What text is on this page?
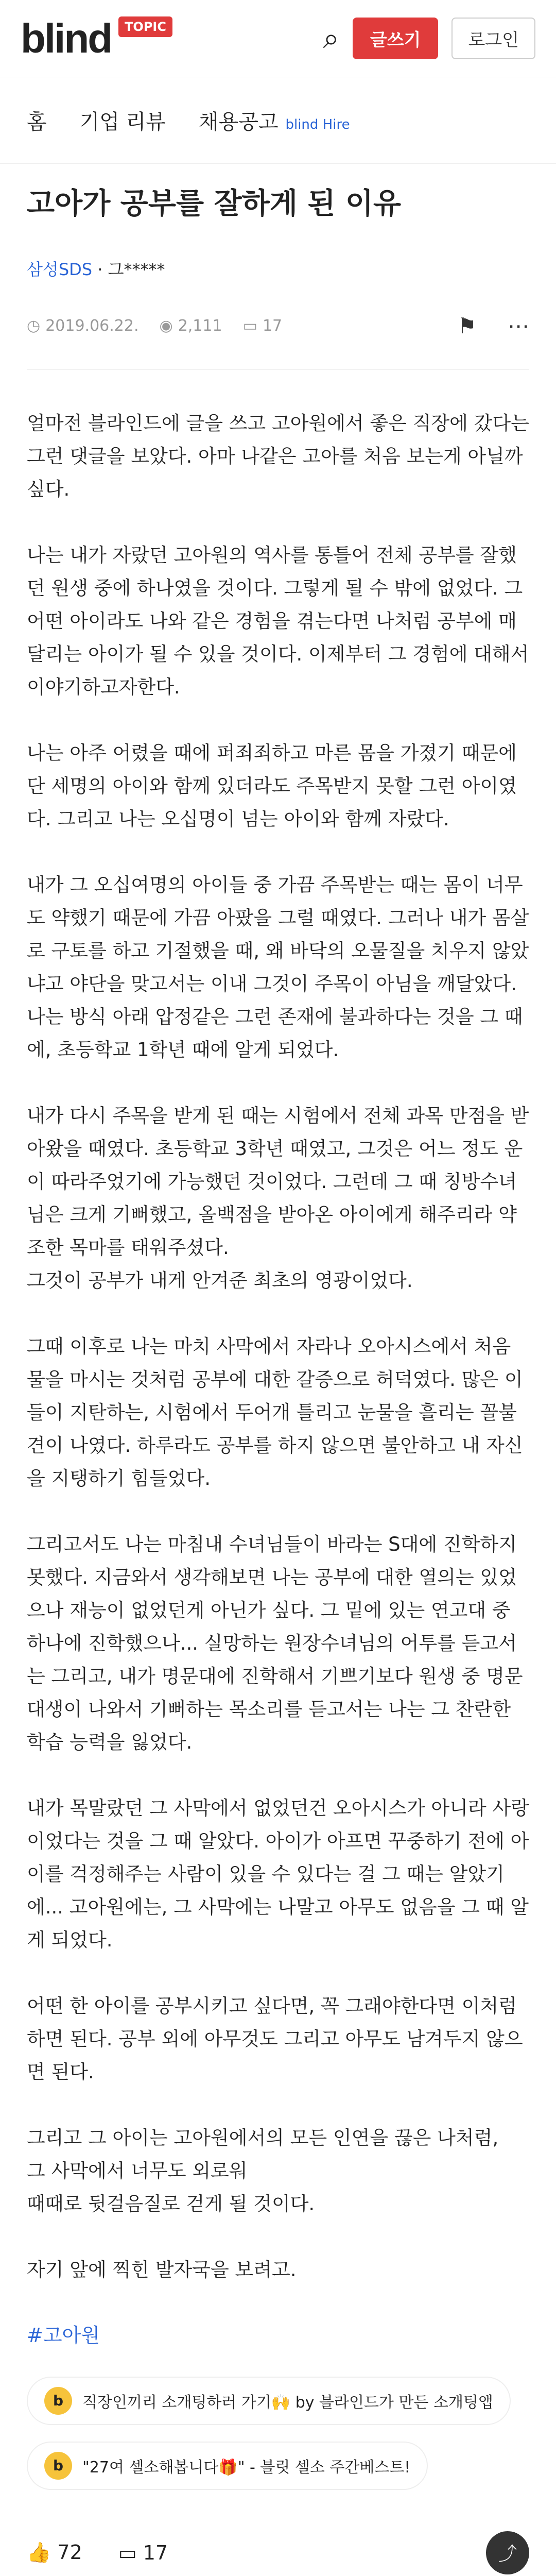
blind	TOPIC	⌕	글쓰기	로그인
홈 기업 리뷰 채용공고 blind Hire
고아가 공부를 잘하게 된 이유
삼성SDS · 그*****
◷ 2019.06.22. ◉ 2,111 ▭ 17	⚑ ⋯

얼마전 블라인드에 글을 쓰고 고아원에서 좋은 직장에 갔다는 그런 댓글을 보았다. 아마 나같은 고아를 처음 보는게 아닐까 싶다.

나는 내가 자랐던 고아원의 역사를 통틀어 전체 공부를 잘했던 원생 중에 하나였을 것이다. 그렇게 될 수 밖에 없었다. 그 어떤 아이라도 나와 같은 경험을 겪는다면 나처럼 공부에 매달리는 아이가 될 수 있을 것이다. 이제부터 그 경험에 대해서 이야기하고자한다.

나는 아주 어렸을 때에 퍼죄죄하고 마른 몸을 가졌기 때문에 단 세명의 아이와 함께 있더라도 주목받지 못할 그런 아이였다. 그리고 나는 오십명이 넘는 아이와 함께 자랐다.

내가 그 오십여명의 아이들 중 가끔 주목받는 때는 몸이 너무도 약했기 때문에 가끔 아팠을 그럴 때였다. 그러나 내가 몸살로 구토를 하고 기절했을 때, 왜 바닥의 오물질을 치우지 않았냐고 야단을 맞고서는 이내 그것이 주목이 아님을 깨달았다. 나는 방식 아래 압정같은 그런 존재에 불과하다는 것을 그 때에, 초등학교 1학년 때에 알게 되었다.

내가 다시 주목을 받게 된 때는 시험에서 전체 과목 만점을 받아왔을 때였다. 초등학교 3학년 때였고, 그것은 어느 정도 운이 따라주었기에 가능했던 것이었다. 그런데 그 때 칭방수녀님은 크게 기뻐했고, 올백점을 받아온 아이에게 해주리라 약조한 목마를 태워주셨다.
그것이 공부가 내게 안겨준 최초의 영광이었다.

그때 이후로 나는 마치 사막에서 자라나 오아시스에서 처음 물을 마시는 것처럼 공부에 대한 갈증으로 허덕였다. 많은 이들이 지탄하는, 시험에서 두어개 틀리고 눈물을 흘리는 꼴불견이 나였다. 하루라도 공부를 하지 않으면 불안하고 내 자신을 지탱하기 힘들었다.

그리고서도 나는 마침내 수녀님들이 바라는 S대에 진학하지 못했다. 지금와서 생각해보면 나는 공부에 대한 열의는 있었으나 재능이 없었던게 아닌가 싶다. 그 밑에 있는 연고대 중 하나에 진학했으나... 실망하는 원장수녀님의 어투를 듣고서는 그리고, 내가 명문대에 진학해서 기쁘기보다 원생 중 명문대생이 나와서 기뻐하는 목소리를 듣고서는 나는 그 찬란한 학습 능력을 잃었다.

내가 목말랐던 그 사막에서 없었던건 오아시스가 아니라 사랑이었다는 것을 그 때 알았다. 아이가 아프면 꾸중하기 전에 아이를 걱정해주는 사람이 있을 수 있다는 걸 그 때는 알았기에... 고아원에는, 그 사막에는 나말고 아무도 없음을 그 때 알게 되었다.

어떤 한 아이를 공부시키고 싶다면, 꼭 그래야한다면 이처럼 하면 된다. 공부 외에 아무것도 그리고 아무도 남겨두지 않으면 된다.

그리고 그 아이는 고아원에서의 모든 인연을 끊은 나처럼,
그 사막에서 너무도 외로워
때때로 뒷걸음질로 걷게 될 것이다.

자기 앞에 찍힌 발자국을 보려고.

#고아원
b	직장인끼리 소개팅하러 가기🙌 by 블라인드가 만든 소개팅앱
b	"27여 셀소해봅니다🎁" - 블릿 셀소 주간베스트!
👍 72 ▭ 17	⤴
